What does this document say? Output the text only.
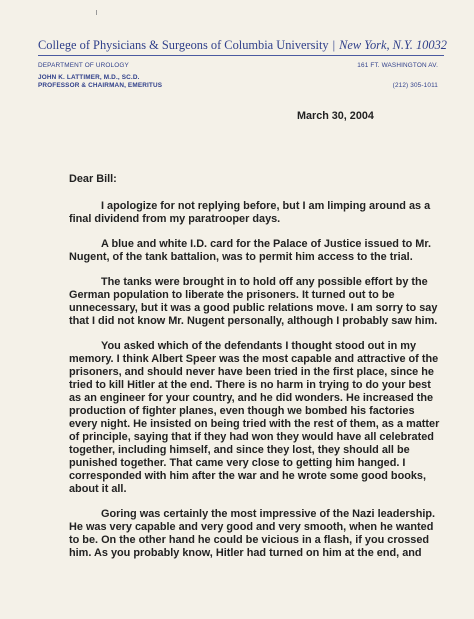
College of Physicians & Surgeons of Columbia University | New York, N.Y. 10032
DEPARTMENT OF UROLOGY
JOHN K. LATTIMER, M.D., SC.D.
PROFESSOR & CHAIRMAN, EMERITUS
161 FT. WASHINGTON AV.
(212) 305-1011
March 30, 2004

Dear Bill:

I apologize for not replying before, but I am limping around as a final dividend from my paratrooper days.

A blue and white I.D. card for the Palace of Justice issued to Mr. Nugent, of the tank battalion, was to permit him access to the trial.

The tanks were brought in to hold off any possible effort by the German population to liberate the prisoners. It turned out to be unnecessary, but it was a good public relations move. I am sorry to say that I did not know Mr. Nugent personally, although I probably saw him.

You asked which of the defendants I thought stood out in my memory. I think Albert Speer was the most capable and attractive of the prisoners, and should never have been tried in the first place, since he tried to kill Hitler at the end. There is no harm in trying to do your best as an engineer for your country, and he did wonders. He increased the production of fighter planes, even though we bombed his factories every night. He insisted on being tried with the rest of them, as a matter of principle, saying that if they had won they would have all celebrated together, including himself, and since they lost, they should all be punished together. That came very close to getting him hanged. I corresponded with him after the war and he wrote some good books, about it all.

Goring was certainly the most impressive of the Nazi leadership. He was very capable and very good and very smooth, when he wanted to be. On the other hand he could be vicious in a flash, if you crossed him. As you probably know, Hitler had turned on him at the end, and
